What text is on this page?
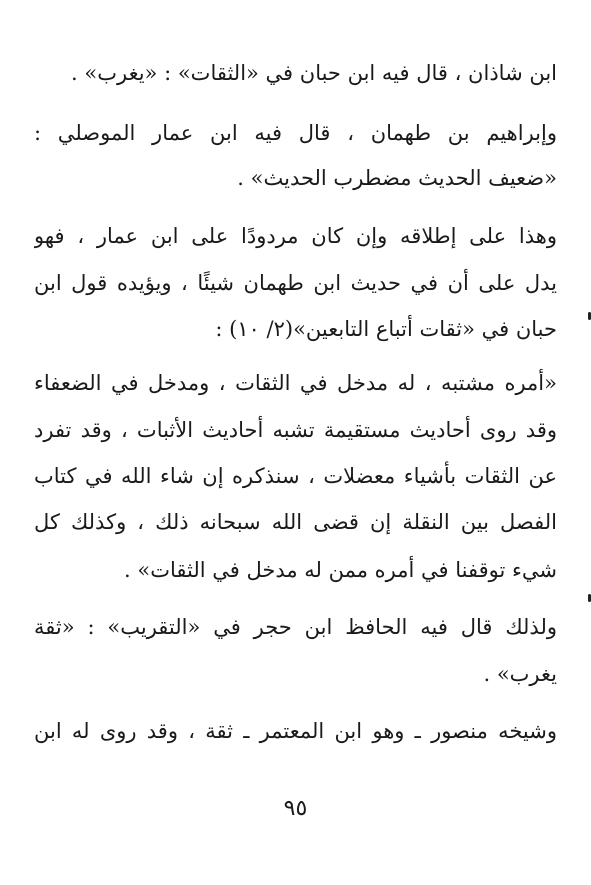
ابن شاذان ، قال فيه ابن حبان في «الثقات» : «يغرب» .
وإبراهيم بن طهمان ، قال فيه ابن عمار الموصلي :
«ضعيف الحديث مضطرب الحديث» .
وهذا على إطلاقه وإن كان مردودًا على ابن عمار ، فهو
يدل على أن في حديث ابن طهمان شيئًا ، ويؤيده قول ابن
حبان في «ثقات أتباع التابعين»(٢/ ١٠) :
«أمره مشتبه ، له مدخل في الثقات ، ومدخل في الضعفاء
وقد روى أحاديث مستقيمة تشبه أحاديث الأثبات ، وقد تفرد
عن الثقات بأشياء معضلات ، سنذكره إن شاء الله في كتاب
الفصل بين النقلة إن قضى الله سبحانه ذلك ، وكذلك كل
شيء توقفنا في أمره ممن له مدخل في الثقات» .
ولذلك قال فيه الحافظ ابن حجر في «التقريب» : «ثقة
يغرب» .
وشيخه منصور ـ وهو ابن المعتمر ـ ثقة ، وقد روى له ابن
٩٥
